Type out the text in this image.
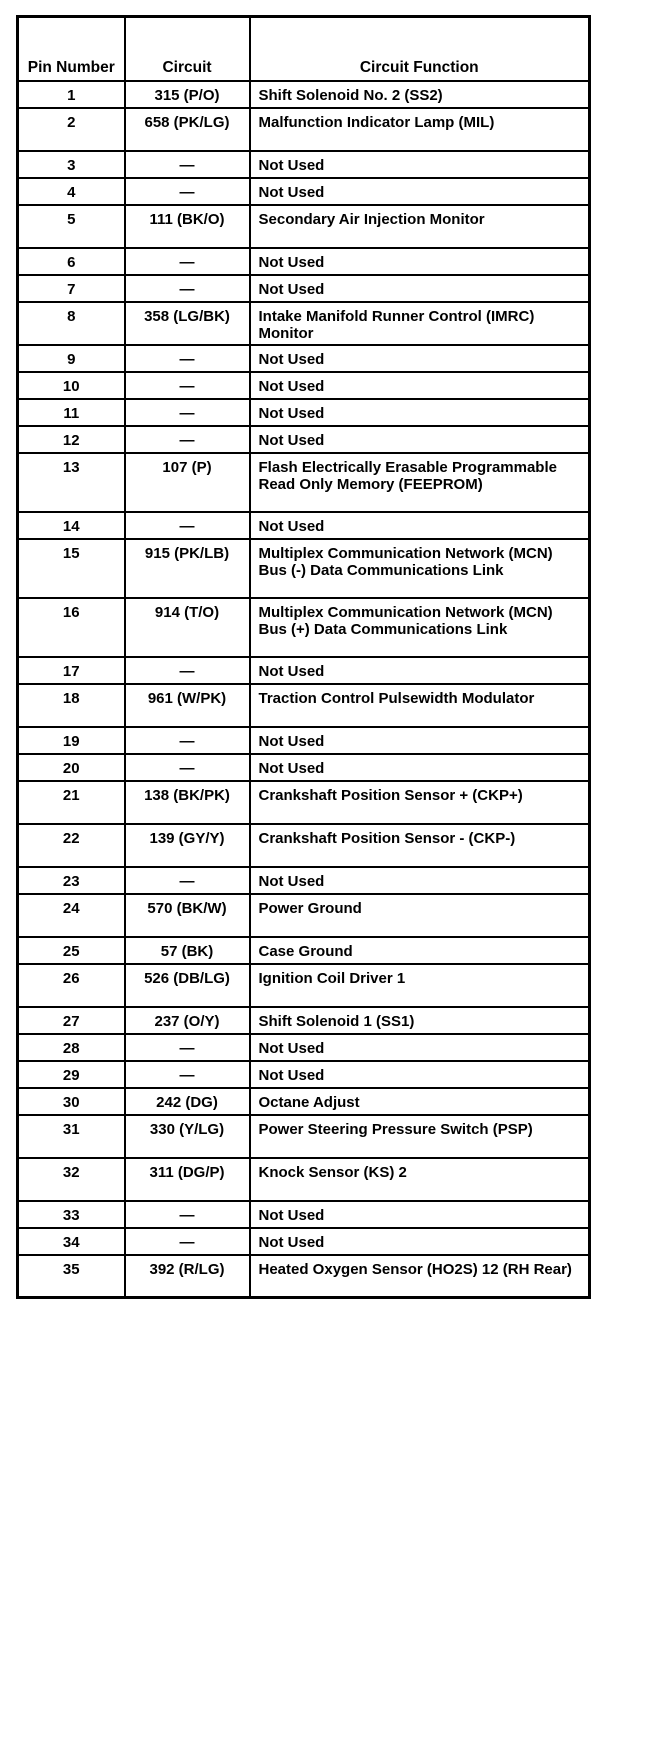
Pin Number	Circuit	Circuit Function
1	315 (P/O)	Shift Solenoid No. 2 (SS2)
2	658 (PK/LG)	Malfunction Indicator Lamp (MIL)
3	—	Not Used
4	—	Not Used
5	111 (BK/O)	Secondary Air Injection Monitor
6	—	Not Used
7	—	Not Used
8	358 (LG/BK)	Intake Manifold Runner Control (IMRC) Monitor
9	—	Not Used
10	—	Not Used
11	—	Not Used
12	—	Not Used
13	107 (P)	Flash Electrically Erasable Programmable Read Only Memory (FEEPROM)
14	—	Not Used
15	915 (PK/LB)	Multiplex Communication Network (MCN) Bus (-) Data Communications Link
16	914 (T/O)	Multiplex Communication Network (MCN) Bus (+) Data Communications Link
17	—	Not Used
18	961 (W/PK)	Traction Control Pulsewidth Modulator
19	—	Not Used
20	—	Not Used
21	138 (BK/PK)	Crankshaft Position Sensor + (CKP+)
22	139 (GY/Y)	Crankshaft Position Sensor - (CKP-)
23	—	Not Used
24	570 (BK/W)	Power Ground
25	57 (BK)	Case Ground
26	526 (DB/LG)	Ignition Coil Driver 1
27	237 (O/Y)	Shift Solenoid 1 (SS1)
28	—	Not Used
29	—	Not Used
30	242 (DG)	Octane Adjust
31	330 (Y/LG)	Power Steering Pressure Switch (PSP)
32	311 (DG/P)	Knock Sensor (KS) 2
33	—	Not Used
34	—	Not Used
35	392 (R/LG)	Heated Oxygen Sensor (HO2S) 12 (RH Rear)
